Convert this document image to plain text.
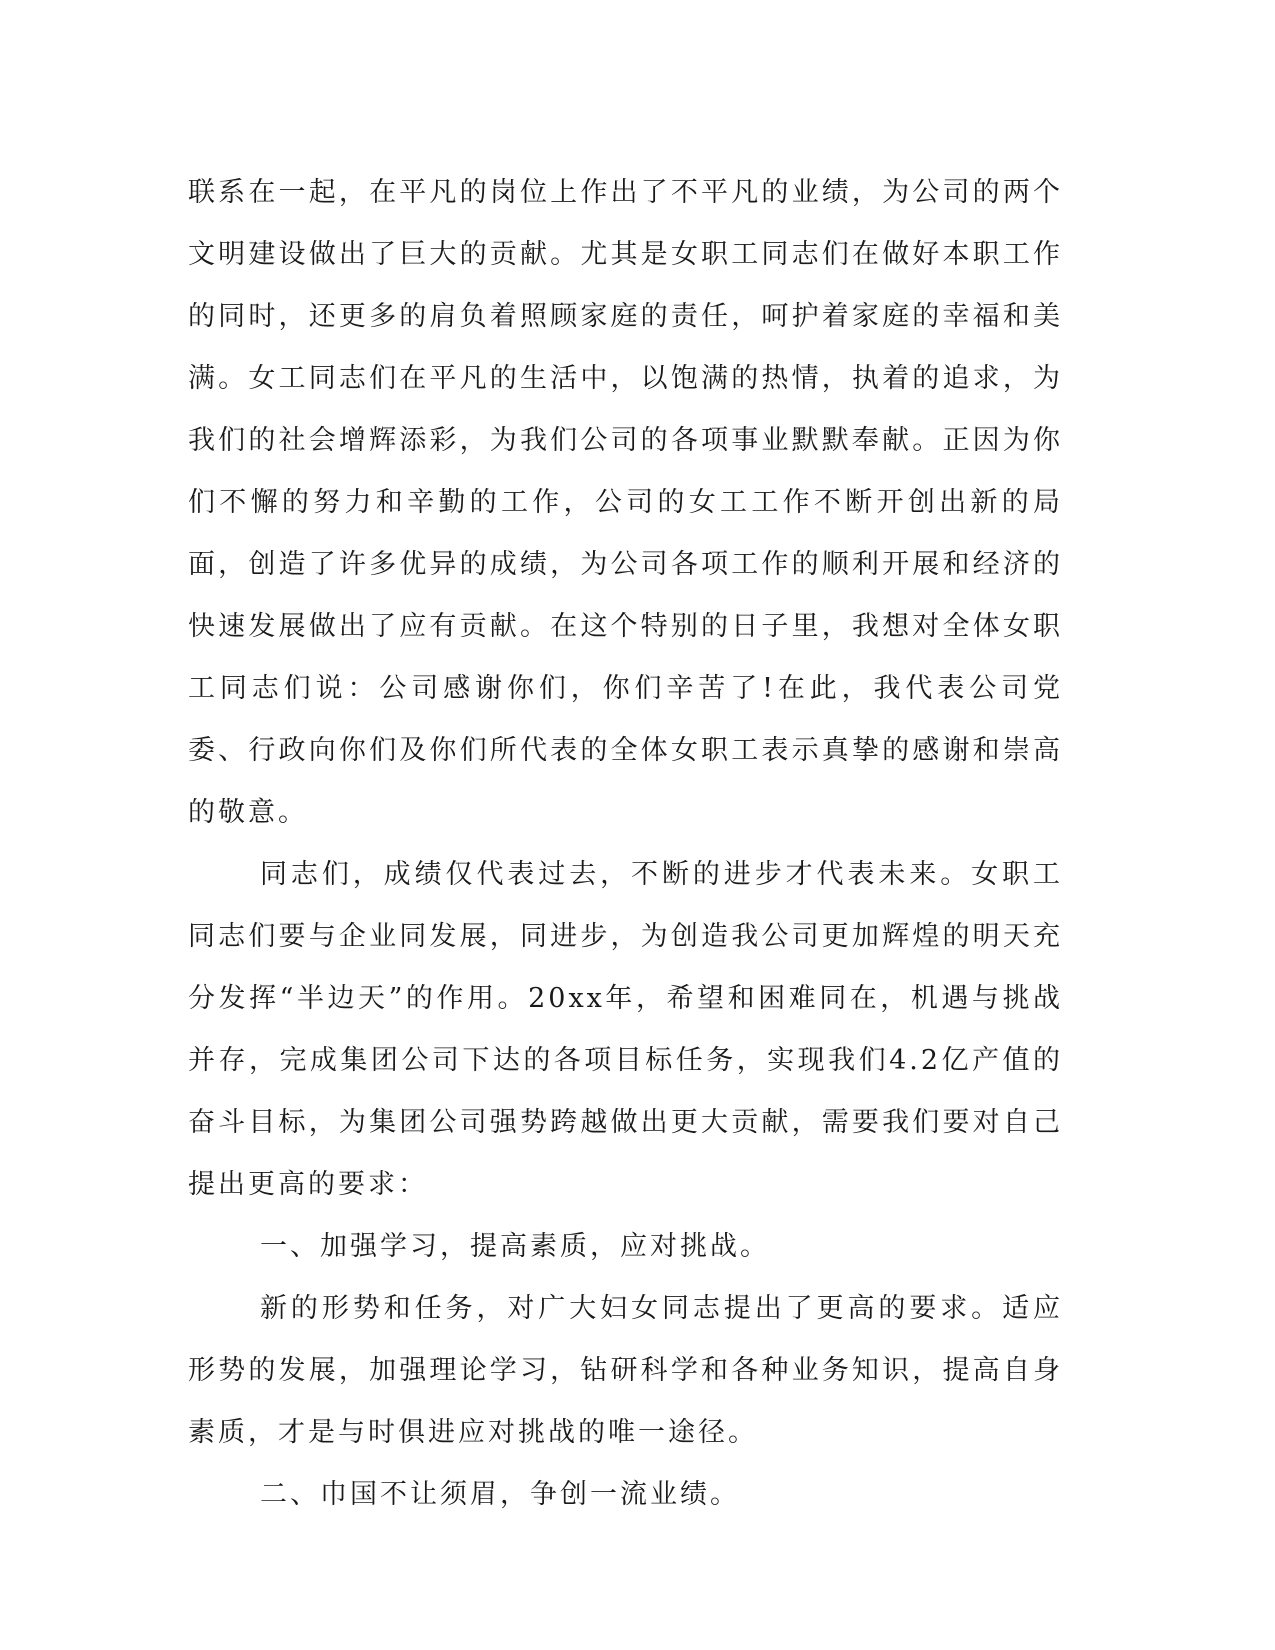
联系在一起，在平凡的岗位上作出了不平凡的业绩，为公司的两个文明建设做出了巨大的贡献。尤其是女职工同志们在做好本职工作的同时，还更多的肩负着照顾家庭的责任，呵护着家庭的幸福和美满。女工同志们在平凡的生活中，以饱满的热情，执着的追求，为我们的社会增辉添彩，为我们公司的各项事业默默奉献。正因为你们不懈的努力和辛勤的工作，公司的女工工作不断开创出新的局面，创造了许多优异的成绩，为公司各项工作的顺利开展和经济的快速发展做出了应有贡献。在这个特别的日子里，我想对全体女职工同志们说：公司感谢你们，你们辛苦了!在此，我代表公司党委、行政向你们及你们所代表的全体女职工表示真挚的感谢和崇高的敬意。

同志们，成绩仅代表过去，不断的进步才代表未来。女职工同志们要与企业同发展，同进步，为创造我公司更加辉煌的明天充分发挥“半边天”的作用。20xx年，希望和困难同在，机遇与挑战并存，完成集团公司下达的各项目标任务，实现我们4.2亿产值的奋斗目标，为集团公司强势跨越做出更大贡献，需要我们要对自己提出更高的要求：

一、加强学习，提高素质，应对挑战。

新的形势和任务，对广大妇女同志提出了更高的要求。适应形势的发展，加强理论学习，钻研科学和各种业务知识，提高自身素质，才是与时俱进应对挑战的唯一途径。

二、巾国不让须眉，争创一流业绩。
